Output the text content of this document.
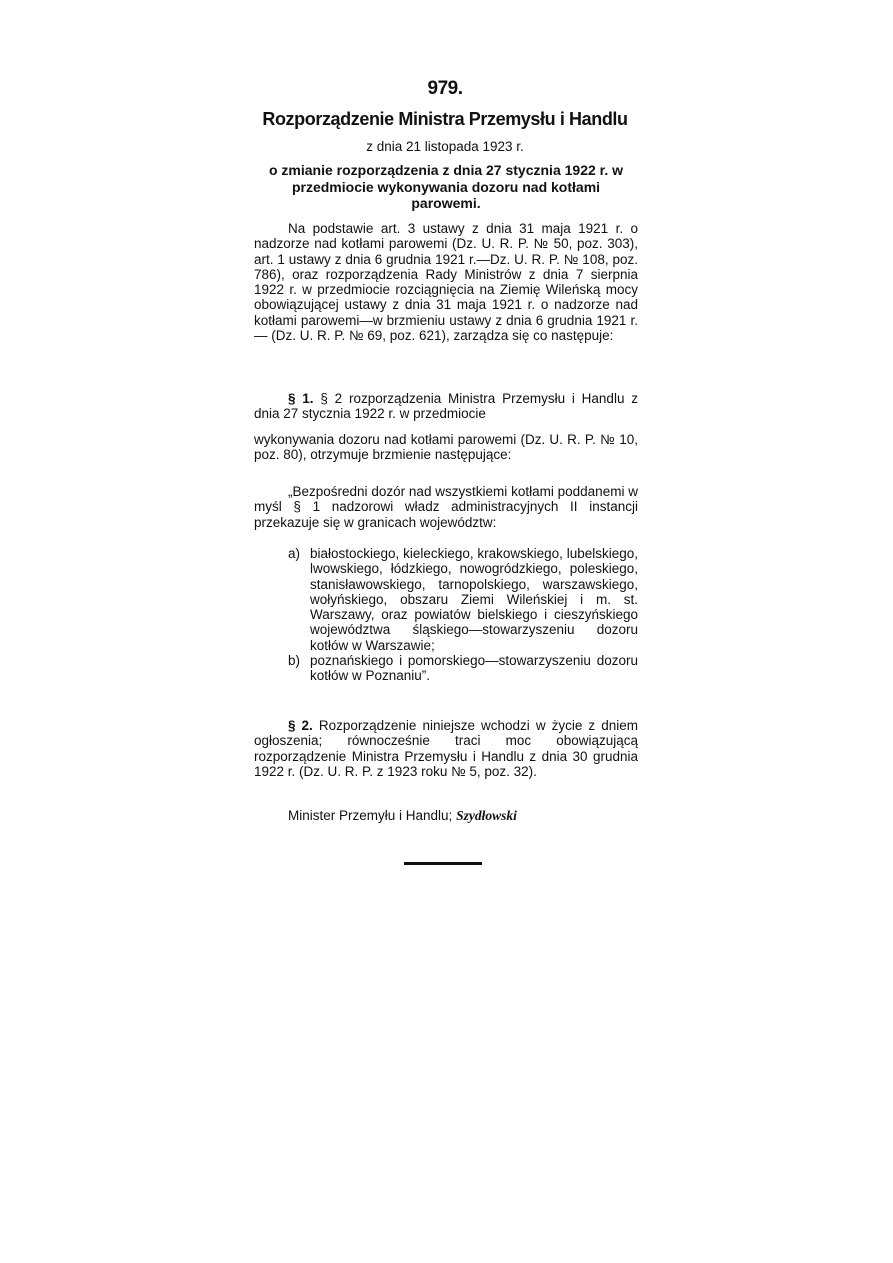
979.
Rozporządzenie Ministra Przemysłu i Handlu
z dnia 21 listopada 1923 r.
o zmianie rozporządzenia z dnia 27 stycznia 1922 r. w przedmiocie wykonywania dozoru nad kotłami parowemi.

Na podstawie art. 3 ustawy z dnia 31 maja 1921 r. o nadzorze nad kotłami parowemi (Dz. U. R. P. № 50, poz. 303), art. 1 ustawy z dnia 6 grudnia 1921 r.—Dz. U. R. P. № 108, poz. 786), oraz rozporządzenia Rady Ministrów z dnia 7 sierpnia 1922 r. w przedmiocie rozciągnięcia na Ziemię Wileńską mocy obowiązującej ustawy z dnia 31 maja 1921 r. o nadzorze nad kotłami parowemi—w brzmieniu ustawy z dnia 6 grudnia 1921 r.— (Dz. U. R. P. № 69, poz. 621), zarządza się co następuje:

§ 1. § 2 rozporządzenia Ministra Przemysłu i Handlu z dnia 27 stycznia 1922 r. w przedmiocie

wykonywania dozoru nad kotłami parowemi (Dz. U. R. P. № 10, poz. 80), otrzymuje brzmienie następujące:

„Bezpośredni dozór nad wszystkiemi kotłami poddanemi w myśl § 1 nadzorowi władz administracyjnych II instancji przekazuje się w granicach województw:

a) białostockiego, kieleckiego, krakowskiego, lubelskiego, lwowskiego, łódzkiego, nowogródzkiego, poleskiego, stanisławowskiego, tarnopolskiego, warszawskiego, wołyńskiego, obszaru Ziemi Wileńskiej i m. st. Warszawy, oraz powiatów bielskiego i cieszyńskiego województwa śląskiego—stowarzyszeniu dozoru kotłów w Warszawie;
b) poznańskiego i pomorskiego—stowarzyszeniu dozoru kotłów w Poznaniu”.

§ 2. Rozporządzenie niniejsze wchodzi w życie z dniem ogłoszenia; równocześnie traci moc obowiązującą rozporządzenie Ministra Przemysłu i Handlu z dnia 30 grudnia 1922 r. (Dz. U. R. P. z 1923 roku № 5, poz. 32).

Minister Przemyłu i Handlu; Szydłowski
